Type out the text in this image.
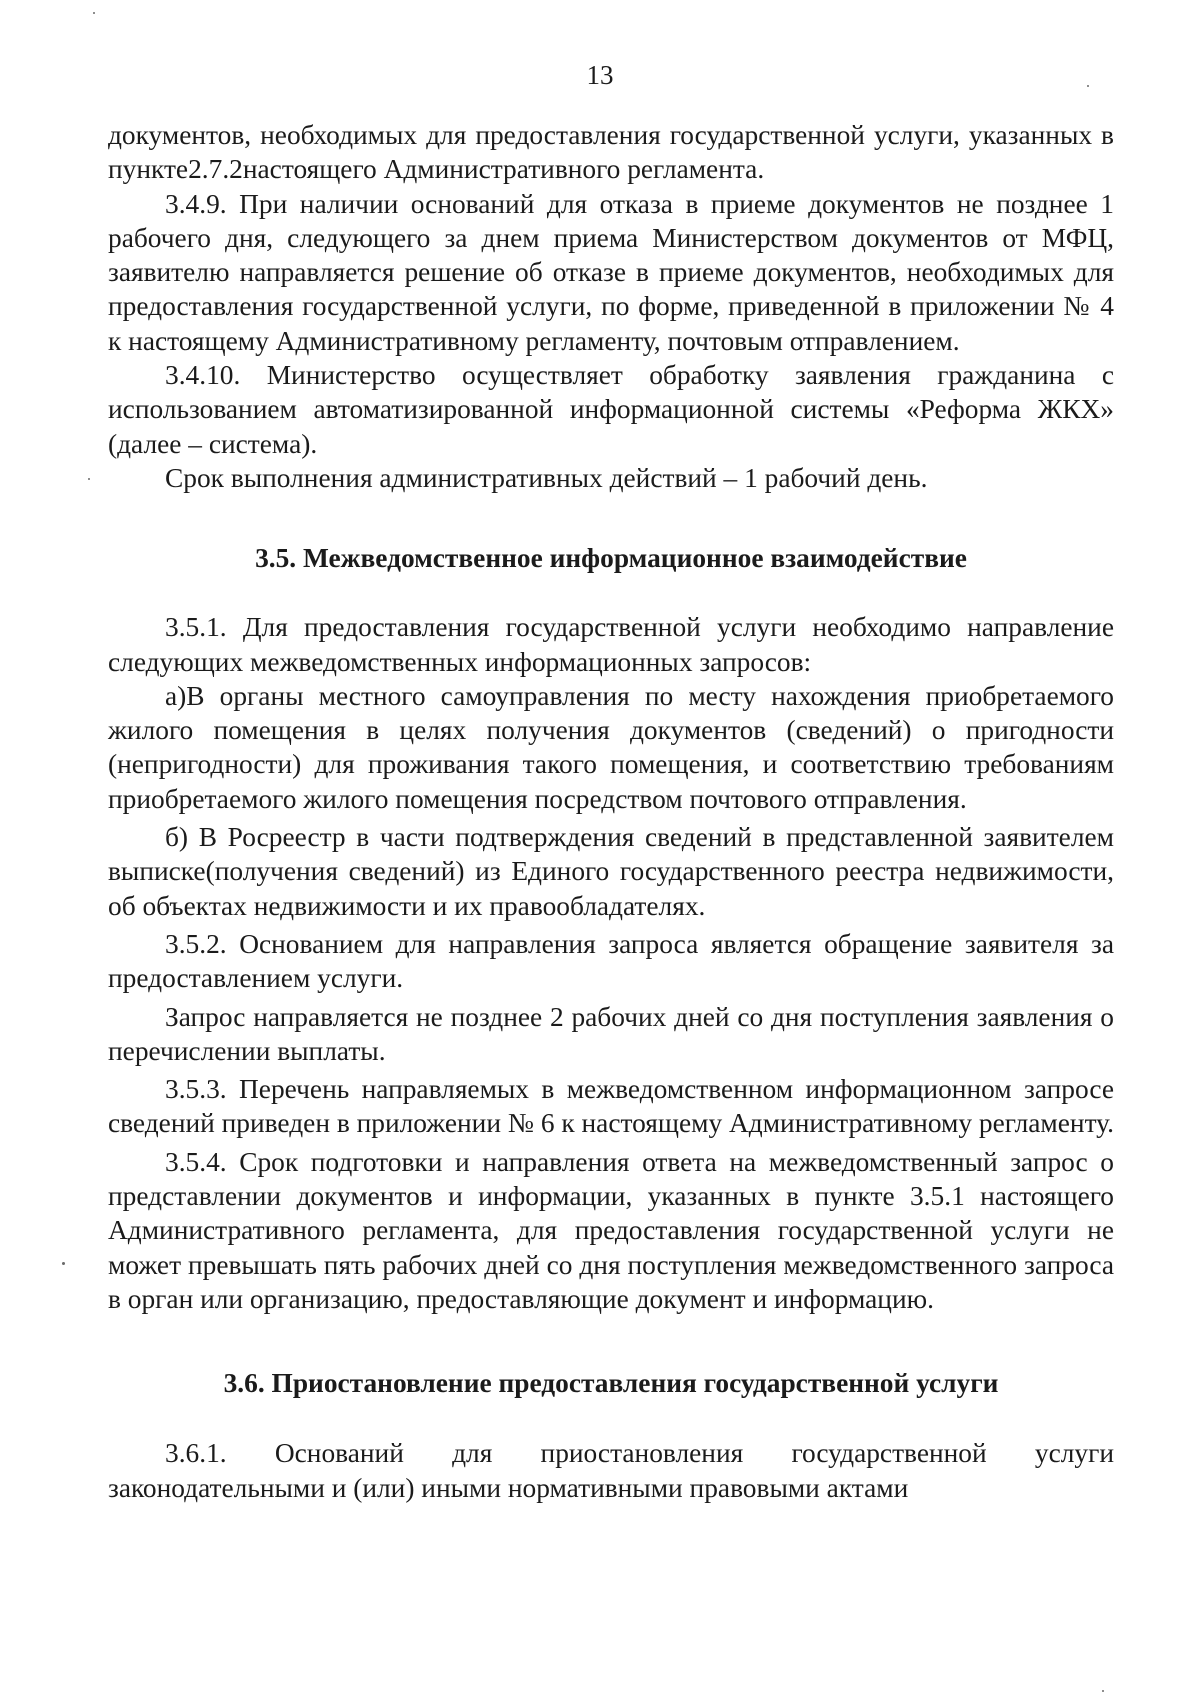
13

документов, необходимых для предоставления государственной услуги, указанных в пункте2.7.2настоящего Административного регламента.

3.4.9. При наличии оснований для отказа в приеме документов не позднее 1 рабочего дня, следующего за днем приема Министерством документов от МФЦ, заявителю направляется решение об отказе в приеме документов, необходимых для предоставления государственной услуги, по форме, приведенной в приложении № 4 к настоящему Административному регламенту, почтовым отправлением.

3.4.10. Министерство осуществляет обработку заявления гражданина с использованием автоматизированной информационной системы «Реформа ЖКХ» (далее – система).

Срок выполнения административных действий – 1 рабочий день.

3.5. Межведомственное информационное взаимодействие

3.5.1. Для предоставления государственной услуги необходимо направление следующих межведомственных информационных запросов:

а)В органы местного самоуправления по месту нахождения приобретаемого жилого помещения в целях получения документов (сведений) о пригодности (непригодности) для проживания такого помещения, и соответствию требованиям приобретаемого жилого помещения посредством почтового отправления.

б) В Росреестр в части подтверждения сведений в представленной заявителем выписке(получения сведений) из Единого государственного реестра недвижимости, об объектах недвижимости и их правообладателях.

3.5.2. Основанием для направления запроса является обращение заявителя за предоставлением услуги.

Запрос направляется не позднее 2 рабочих дней со дня поступления заявления о перечислении выплаты.

3.5.3. Перечень направляемых в межведомственном информационном запросе сведений приведен в приложении № 6 к настоящему Административному регламенту.

3.5.4. Срок подготовки и направления ответа на межведомственный запрос о представлении документов и информации, указанных в пункте 3.5.1 настоящего Административного регламента, для предоставления государственной услуги не может превышать пять рабочих дней со дня поступления межведомственного запроса в орган или организацию, предоставляющие документ и информацию.

3.6. Приостановление предоставления государственной услуги

3.6.1. Оснований для приостановления государственной услуги законодательными и (или) иными нормативными правовыми актами
